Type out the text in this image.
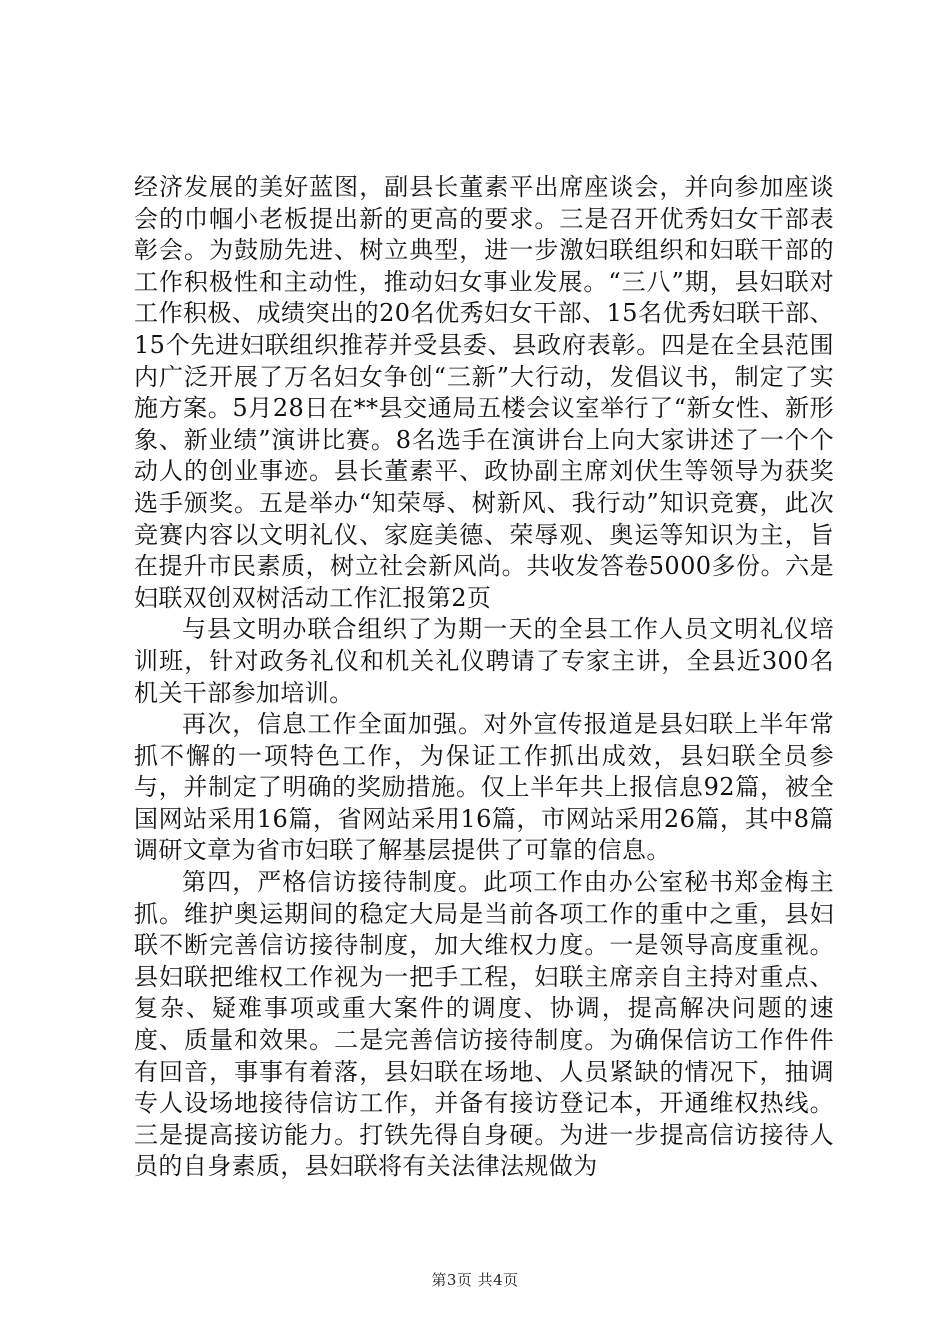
经济发展的美好蓝图，副县长董素平出席座谈会，并向参加座谈会的巾帼小老板提出新的更高的要求。三是召开优秀妇女干部表彰会。为鼓励先进、树立典型，进一步激妇联组织和妇联干部的工作积极性和主动性，推动妇女事业发展。“三八”期，县妇联对工作积极、成绩突出的20名优秀妇女干部、15名优秀妇联干部、15个先进妇联组织推荐并受县委、县政府表彰。四是在全县范围内广泛开展了万名妇女争创“三新”大行动，发倡议书，制定了实施方案。5月28日在**县交通局五楼会议室举行了“新女性、新形象、新业绩”演讲比赛。8名选手在演讲台上向大家讲述了一个个动人的创业事迹。县长董素平、政协副主席刘伏生等领导为获奖选手颁奖。五是举办“知荣辱、树新风、我行动”知识竞赛，此次竞赛内容以文明礼仪、家庭美德、荣辱观、奥运等知识为主，旨在提升市民素质，树立社会新风尚。共收发答卷5000多份。六是妇联双创双树活动工作汇报第2页

与县文明办联合组织了为期一天的全县工作人员文明礼仪培训班，针对政务礼仪和机关礼仪聘请了专家主讲，全县近300名机关干部参加培训。

再次，信息工作全面加强。对外宣传报道是县妇联上半年常抓不懈的一项特色工作，为保证工作抓出成效，县妇联全员参与，并制定了明确的奖励措施。仅上半年共上报信息92篇，被全国网站采用16篇，省网站采用16篇，市网站采用26篇，其中8篇调研文章为省市妇联了解基层提供了可靠的信息。

第四，严格信访接待制度。此项工作由办公室秘书郑金梅主抓。维护奥运期间的稳定大局是当前各项工作的重中之重，县妇联不断完善信访接待制度，加大维权力度。一是领导高度重视。县妇联把维权工作视为一把手工程，妇联主席亲自主持对重点、复杂、疑难事项或重大案件的调度、协调，提高解决问题的速度、质量和效果。二是完善信访接待制度。为确保信访工作件件有回音，事事有着落，县妇联在场地、人员紧缺的情况下，抽调专人设场地接待信访工作，并备有接访登记本，开通维权热线。三是提高接访能力。打铁先得自身硬。为进一步提高信访接待人员的自身素质，县妇联将有关法律法规做为

第3页 共4页
